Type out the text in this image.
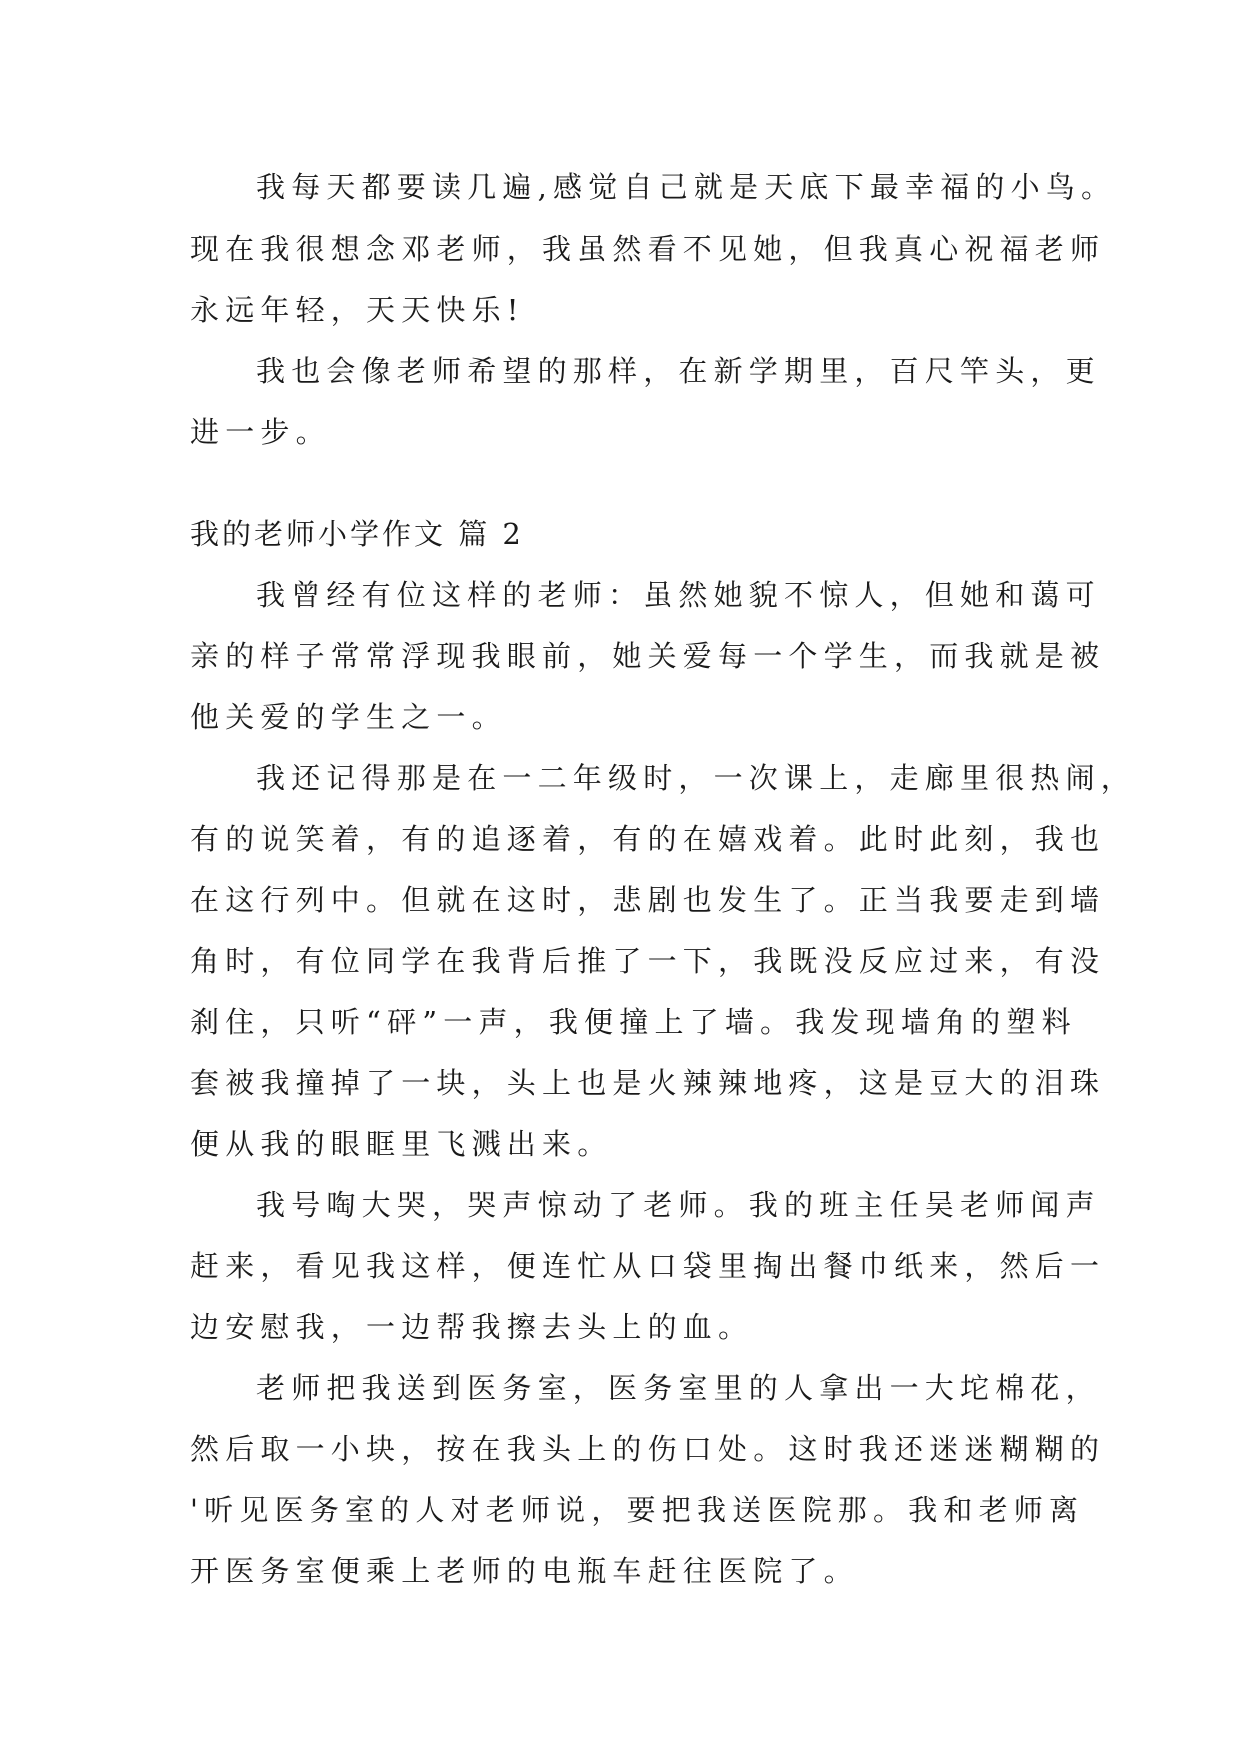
我每天都要读几遍,感觉自己就是天底下最幸福的小鸟。
现在我很想念邓老师，我虽然看不见她，但我真心祝福老师
永远年轻，天天快乐!
我也会像老师希望的那样，在新学期里，百尺竿头，更
进一步。
我的老师小学作文 篇 2
我曾经有位这样的老师：虽然她貌不惊人，但她和蔼可
亲的样子常常浮现我眼前，她关爱每一个学生，而我就是被
他关爱的学生之一。
我还记得那是在一二年级时，一次课上，走廊里很热闹，
有的说笑着，有的追逐着，有的在嬉戏着。此时此刻，我也
在这行列中。但就在这时，悲剧也发生了。正当我要走到墙
角时，有位同学在我背后推了一下，我既没反应过来，有没
刹住，只听“砰”一声，我便撞上了墙。我发现墙角的塑料
套被我撞掉了一块，头上也是火辣辣地疼，这是豆大的泪珠
便从我的眼眶里飞溅出来。
我号啕大哭，哭声惊动了老师。我的班主任吴老师闻声
赶来，看见我这样，便连忙从口袋里掏出餐巾纸来，然后一
边安慰我，一边帮我擦去头上的血。
老师把我送到医务室，医务室里的人拿出一大坨棉花，
然后取一小块，按在我头上的伤口处。这时我还迷迷糊糊的
'听见医务室的人对老师说，要把我送医院那。我和老师离
开医务室便乘上老师的电瓶车赶往医院了。
